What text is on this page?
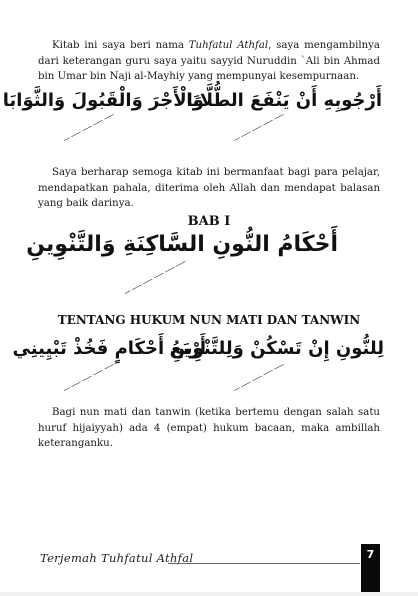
Kitab ini saya beri nama Tuhfatul Athfal, saya mengambilnya dari keterangan guru saya yaitu sayyid Nuruddin `Ali bin Ahmad bin Umar bin Naji al-Mayhiy yang mempunyai kesempurnaan.

أَرْجُوبِهِ أَنْ يَنْفَعَ الطُّلَّابَا
وَالْأَجْرَ وَالْقَبُولَ وَالثَّوَابَا
ـــــ ـــــ ـــــ ـــــ ـــ
ـــــ ـــــ ـــــ ـــــ ـــ

Saya berharap semoga kitab ini bermanfaat bagi para pelajar, mendapatkan pahala, diterima oleh Allah dan mendapat balasan yang baik darinya.

BAB I
أَحْكَامُ النُّونِ السَّاكِنَةِ وَالتَّنْوِينِ
ـــــ ـــــ ـــــ ـــــ ـــــ ـــ
TENTANG HUKUM NUN MATI DAN TANWIN
لِلنُّونِ إِنْ تَسْكُنْ وَلِلتَّنْوِينِ
أَرْبَعُ أَحْكَامٍ فَخُذْ تَبْيِينِي
ـــــ ـــــ ـــــ ـــــ ـــ
ـــــ ـــــ ـــــ ـــــ ـــ

Bagi nun mati dan tanwin (ketika bertemu dengan salah satu huruf hijaiyyah) ada 4 (empat) hukum bacaan, maka ambillah keteranganku.

Terjemah Tuhfatul Athfal	7
